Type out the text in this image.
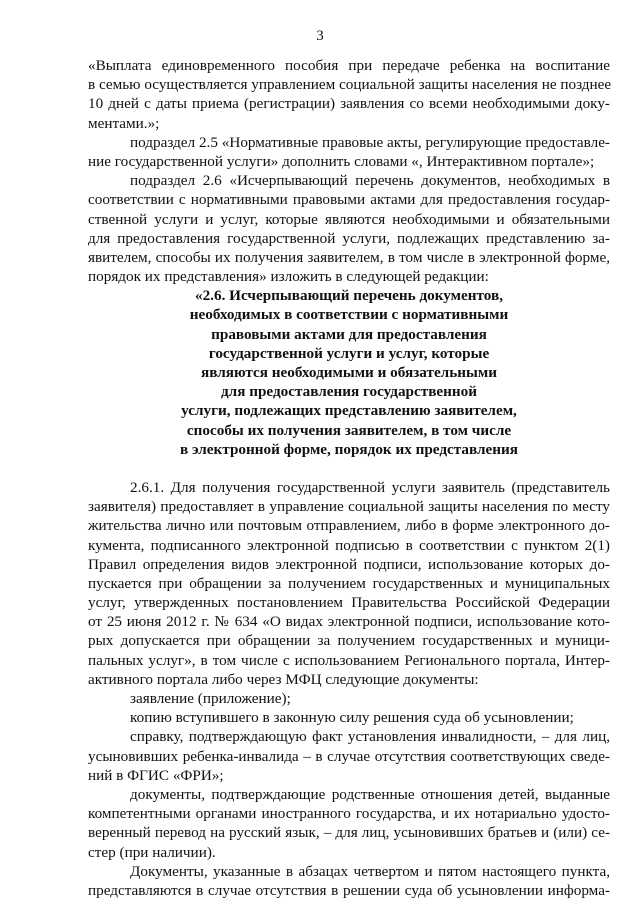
3
«Выплата единовременного пособия при передаче ребенка на воспитание
в семью осуществляется управлением социальной защиты населения не позднее
10 дней с даты приема (регистрации) заявления со всеми необходимыми доку-
ментами.»;
подраздел 2.5 «Нормативные правовые акты, регулирующие предоставле-
ние государственной услуги» дополнить словами «, Интерактивном портале»;
подраздел 2.6 «Исчерпывающий перечень документов, необходимых в
соответствии с нормативными правовыми актами для предоставления государ-
ственной услуги и услуг, которые являются необходимыми и обязательными
для предоставления государственной услуги, подлежащих представлению за-
явителем, способы их получения заявителем, в том числе в электронной форме,
порядок их представления» изложить в следующей редакции:
«2.6. Исчерпывающий перечень документов,
необходимых в соответствии с нормативными
правовыми актами для предоставления
государственной услуги и услуг, которые
являются необходимыми и обязательными
для предоставления государственной
услуги, подлежащих представлению заявителем,
способы их получения заявителем, в том числе
в электронной форме, порядок их представления
2.6.1. Для получения государственной услуги заявитель (представитель
заявителя) предоставляет в управление социальной защиты населения по месту
жительства лично или почтовым отправлением, либо в форме электронного до-
кумента, подписанного электронной подписью в соответствии с пунктом 2(1)
Правил определения видов электронной подписи, использование которых до-
пускается при обращении за получением государственных и муниципальных
услуг, утвержденных постановлением Правительства Российской Федерации
от 25 июня 2012 г. № 634 «О видах электронной подписи, использование кото-
рых допускается при обращении за получением государственных и муници-
пальных услуг», в том числе с использованием Регионального портала, Интер-
активного портала либо через МФЦ следующие документы:
заявление (приложение);
копию вступившего в законную силу решения суда об усыновлении;
справку, подтверждающую факт установления инвалидности, – для лиц,
усыновивших ребенка-инвалида – в случае отсутствия соответствующих сведе-
ний в ФГИС «ФРИ»;
документы, подтверждающие родственные отношения детей, выданные
компетентными органами иностранного государства, и их нотариально удосто-
веренный перевод на русский язык, – для лиц, усыновивших братьев и (или) се-
стер (при наличии).
Документы, указанные в абзацах четвертом и пятом настоящего пункта,
представляются в случае отсутствия в решении суда об усыновлении информа-
